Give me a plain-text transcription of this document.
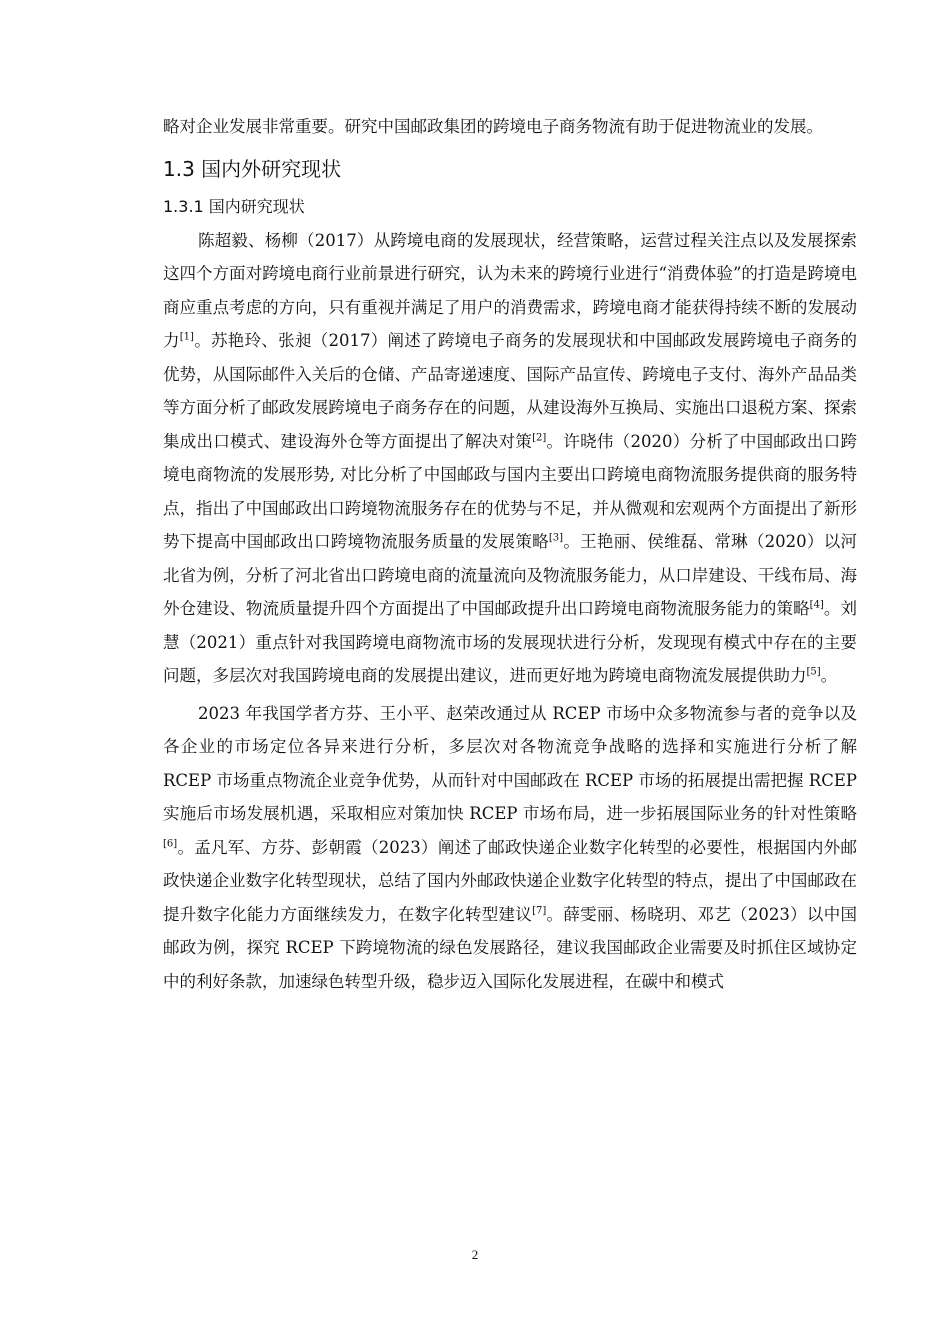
略对企业发展非常重要。研究中国邮政集团的跨境电子商务物流有助于促进物流业的发展。

1.3 国内外研究现状
1.3.1 国内研究现状

陈超毅、杨柳（2017）从跨境电商的发展现状，经营策略，运营过程关注点以及发展探索这四个方面对跨境电商行业前景进行研究，认为未来的跨境行业进行“消费体验”的打造是跨境电商应重点考虑的方向，只有重视并满足了用户的消费需求，跨境电商才能获得持续不断的发展动力[1]。苏艳玲、张昶（2017）阐述了跨境电子商务的发展现状和中国邮政发展跨境电子商务的优势，从国际邮件入关后的仓储、产品寄递速度、国际产品宣传、跨境电子支付、海外产品品类等方面分析了邮政发展跨境电子商务存在的问题，从建设海外互换局、实施出口退税方案、探索集成出口模式、建设海外仓等方面提出了解决对策[2]。许晓伟（2020）分析了中国邮政出口跨境电商物流的发展形势, 对比分析了中国邮政与国内主要出口跨境电商物流服务提供商的服务特点，指出了中国邮政出口跨境物流服务存在的优势与不足，并从微观和宏观两个方面提出了新形势下提高中国邮政出口跨境物流服务质量的发展策略[3]。王艳丽、侯维磊、常琳（2020）以河北省为例，分析了河北省出口跨境电商的流量流向及物流服务能力，从口岸建设、干线布局、海外仓建设、物流质量提升四个方面提出了中国邮政提升出口跨境电商物流服务能力的策略[4]。刘慧（2021）重点针对我国跨境电商物流市场的发展现状进行分析，发现现有模式中存在的主要问题，多层次对我国跨境电商的发展提出建议，进而更好地为跨境电商物流发展提供助力[5]。

2023 年我国学者方芬、王小平、赵荣改通过从 RCEP 市场中众多物流参与者的竞争以及各企业的市场定位各异来进行分析，多层次对各物流竞争战略的选择和实施进行分析了解 RCEP 市场重点物流企业竞争优势，从而针对中国邮政在 RCEP 市场的拓展提出需把握 RCEP 实施后市场发展机遇，采取相应对策加快 RCEP 市场布局，进一步拓展国际业务的针对性策略[6]。孟凡军、方芬、彭朝霞（2023）阐述了邮政快递企业数字化转型的必要性，根据国内外邮政快递企业数字化转型现状，总结了国内外邮政快递企业数字化转型的特点，提出了中国邮政在提升数字化能力方面继续发力，在数字化转型建议[7]。薛雯丽、杨晓玥、邓艺（2023）以中国邮政为例，探究 RCEP 下跨境物流的绿色发展路径，建议我国邮政企业需要及时抓住区域协定中的利好条款，加速绿色转型升级，稳步迈入国际化发展进程，在碳中和模式

2
